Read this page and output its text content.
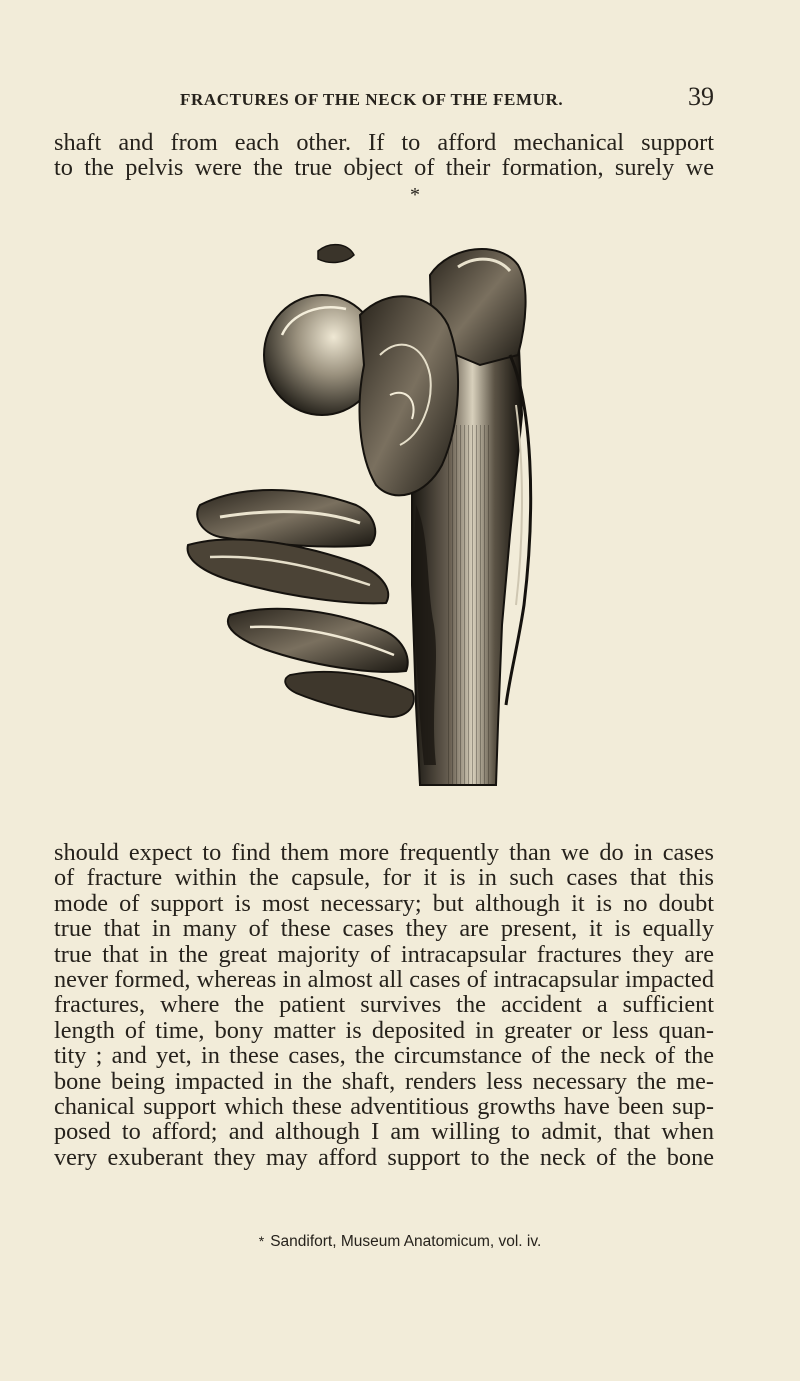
FRACTURES OF THE NECK OF THE FEMUR.	39

shaft and from each other. If to afford mechanical support
to the pelvis were the true object of their formation, surely we

*

should expect to find them more frequently than we do in cases
of fracture within the capsule, for it is in such cases that this
mode of support is most necessary; but although it is no doubt
true that in many of these cases they are present, it is equally
true that in the great majority of intracapsular fractures they are
never formed, whereas in almost all cases of intracapsular impacted
fractures, where the patient survives the accident a sufficient
length of time, bony matter is deposited in greater or less quan-
tity ; and yet, in these cases, the circumstance of the neck of the
bone being impacted in the shaft, renders less necessary the me-
chanical support which these adventitious growths have been sup-
posed to afford; and although I am willing to admit, that when
very exuberant they may afford support to the neck of the bone

* Sandifort, Museum Anatomicum, vol. iv.
